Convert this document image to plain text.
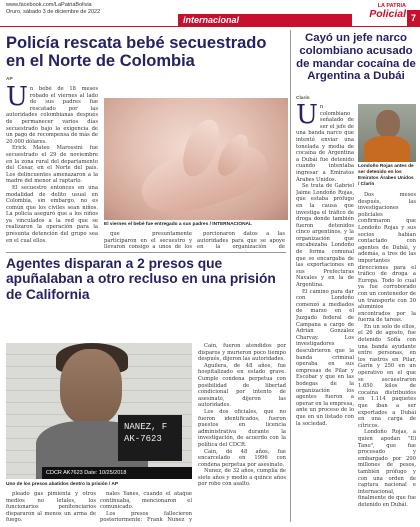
www.facebook.com/LaPatriaBolivia
Oruro, sábado 3 de diciembre de 2022
internacional
LA PATRIA
Policial 7
Policía rescata bebé secuestrado en el Norte de Colombia
AP

Un bebé de 18 meses robado el viernes al lado de sus padres fue rescatado por las autoridades colombianas después de permanecer varios días secuestrado bajo la exigencia de un pago de recompensa de más de 20.000 dólares.

Erick Mateo Marossini fue secuestrado el 29 de noviembre en la zona rural del departamento del Cesar, en el Norte del país. Los delincuentes amenazaron a la madre del menor al raptarlo.

El secuestro entonces en una modalidad de delito usual en Colombia, sin embargo, no es común que los civiles sean niños. La policía aseguró que a los niños ya vinculados a la red que se realizaron la operación para la presunta detención del grupo sea en el cual ellos.

El viernes el bebé fue entregado a sus padres / INTERNACIONAL

que presuntamente participaron en el secuestro y llevaron consigo a unos de los

porcionaron datos a las autoridades para que se apoye en la organización de

Agentes disparan a 2 presos que apuñalaban a otro recluso en una prisión de California
NANEZ, F
AK-7623
CDCR AK7623 Date: 10/25/2018
Uno de los presos abatidos dentro la prisión / AP

pleado gas pimienta y otros medios no letales, los funcionarios penitenciarios dispararon al menos un arma de fuego.

nales Yanes, cuando el ataque continuaba, mencionaron el comunicado.

Los presos fallecieron posteriormente: Frank Nunez y

Cain, fueron atendidos por disparos y murieron poco tiempo después, dijeron las autoridades.

Aguilera, de 48 años, fue hospitalizado en estado grave. Cumple condena perpetua con posibilidad de libertad condicional por intento de asesinato, dijeron las autoridades.

Los dos oficiales, que no fueron identificados, fueron puestos en licencia administrativa durante la investigación, de acuerdo con la política del CDCR.

Cain, de 48 años, fue encarcelado en 1996 con condena perpetua por asesinato.

Nunez, de 32 años, cumplía de siete años y medio a quince años por robo con asalto.

Cayó un jefe narco colombiano acusado de mandar cocaína de Argentina a Dubái
Clarín

Un colombiano señalado de ser el jefe de una banda narco que intentó enviar una tonelada y media de cocaína de Argentina a Dubái fue detenido cuando intentaba ingresar a Emiratos Árabes Unidos.

Se trata de Gabriel Jaime Londoño Rojas, que estaba prófugo en la causa que investiga el tráfico de droga donde también fueron detenidos cinco argentinos, y la organización que encabezaba Londoño de forma comunal que se encargaba de las exportaciones en sus Prefecturas Navales y en la de Argentina.

El camino para dar con Londoño comenzó a mediados de marzo en el Juzgado federal de Campana a cargo de Adrián González Charvay. Los investigadores descubrieron que la banda criminal operaba en sus empresas de Pilar y Escobar y que en las bodegas de la organización los agentes fueron a operar en la empresa, ante un proceso de lo que en un listado con la sociedad.

Londoño Rojas antes de ser detenido en los Emiratos Árabes Unidos / Clarín

Dos meses después, las investigaciones policiales confirmaron que Londoño Rojas y sus socios habían contactado con agentes de Dubái, y además, a tres de las importantes direcciones para el tráfico de droga a Europa. Todo lo cual ya fue corroborado con un contenedor de un transporte con 30 aluminios encontrados por la fuerza de tareas.

En un solo de ellos, el 26 de agosto, fue detenido Sofía con una banda ayudante entre personas, en los rastros en Pilar, Garín y 250 en un operativo en el que se secuestraron 1.650 kilos de cocaína distribuidos en 1.114 paquetes que iban a ser exportados a Dubái en una carga de cítricos.

Londoño Rojas, a quien apodan "El Tano", que fue procesado y embargado por 200 millones de pesos, también prófugo y con una orden de captura nacional e internacional, finalmente de que fue detenido en Dubái.
